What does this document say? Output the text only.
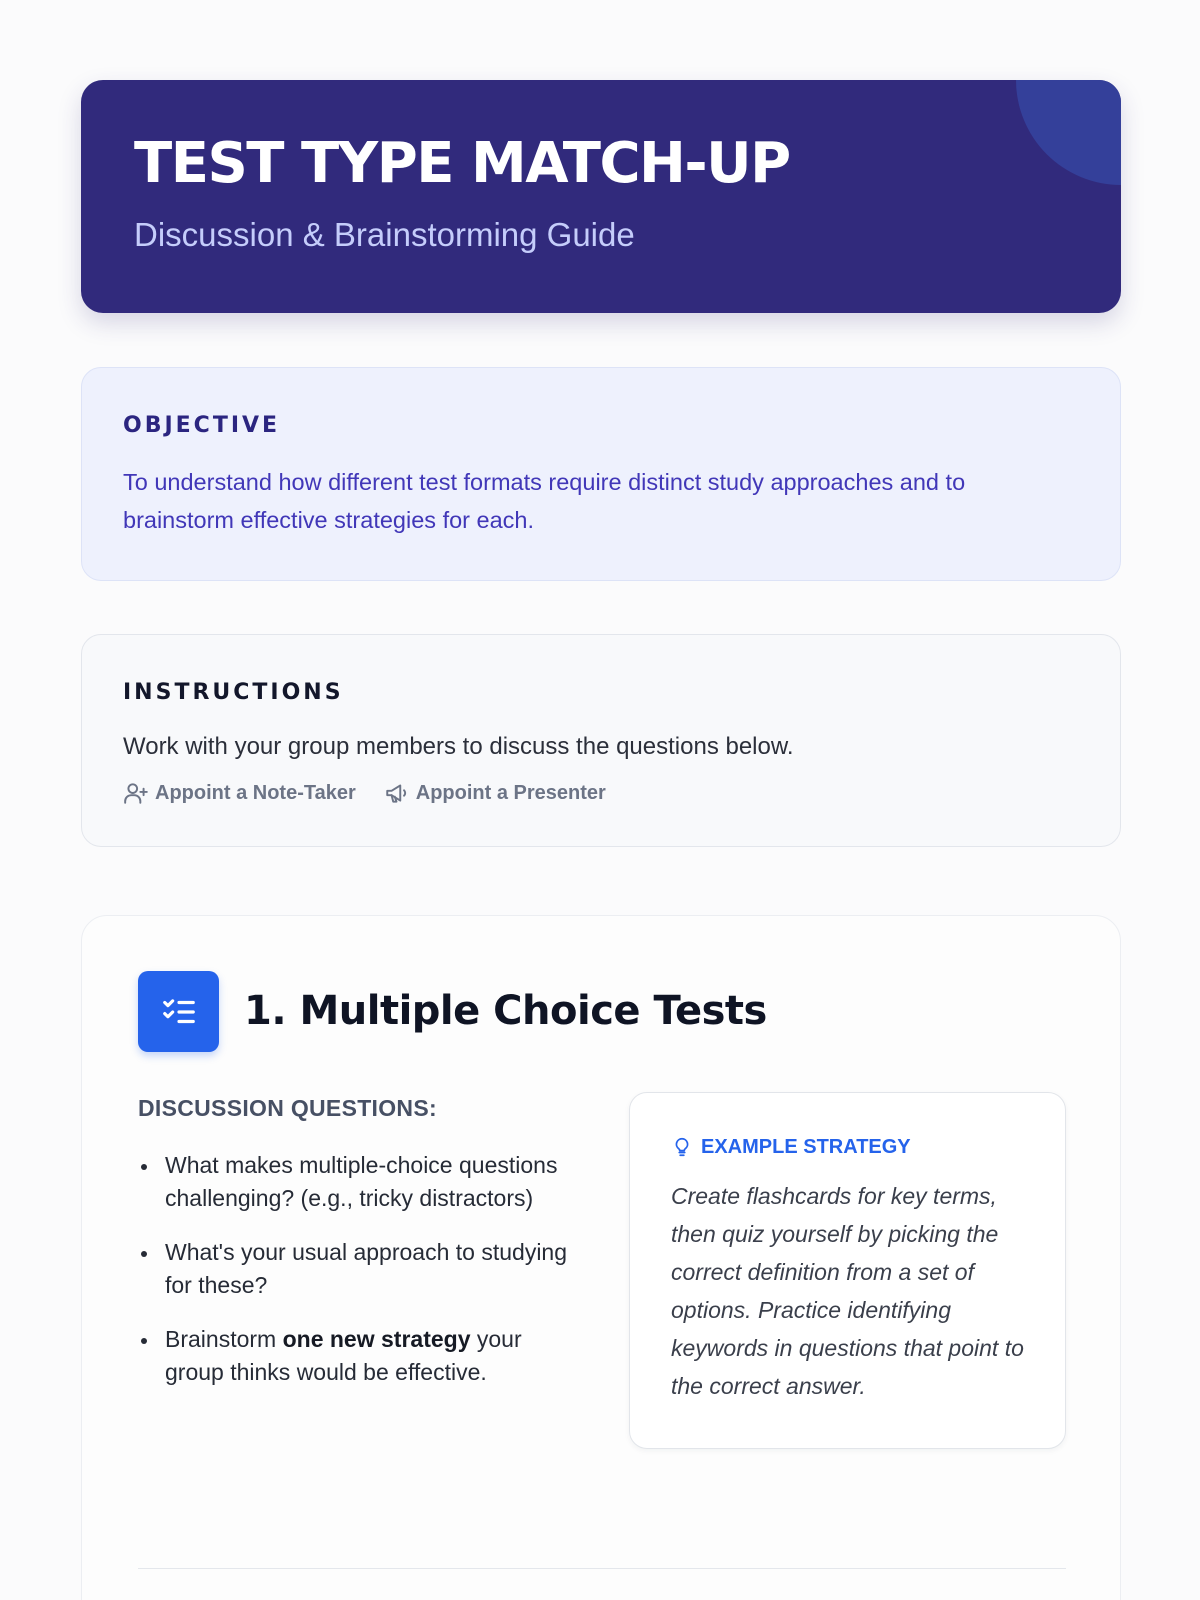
TEST TYPE MATCH-UP
Discussion & Brainstorming Guide
OBJECTIVE

To understand how different test formats require distinct study approaches and to brainstorm effective strategies for each.

INSTRUCTIONS

Work with your group members to discuss the questions below.

Appoint a Note-Taker	Appoint a Presenter
1. Multiple Choice Tests
DISCUSSION QUESTIONS:
What makes multiple-choice questions challenging? (e.g., tricky distractors)
What's your usual approach to studying for these?
Brainstorm one new strategy your group thinks would be effective.
EXAMPLE STRATEGY

Create flashcards for key terms, then quiz yourself by picking the correct definition from a set of options. Practice identifying keywords in questions that point to the correct answer.
